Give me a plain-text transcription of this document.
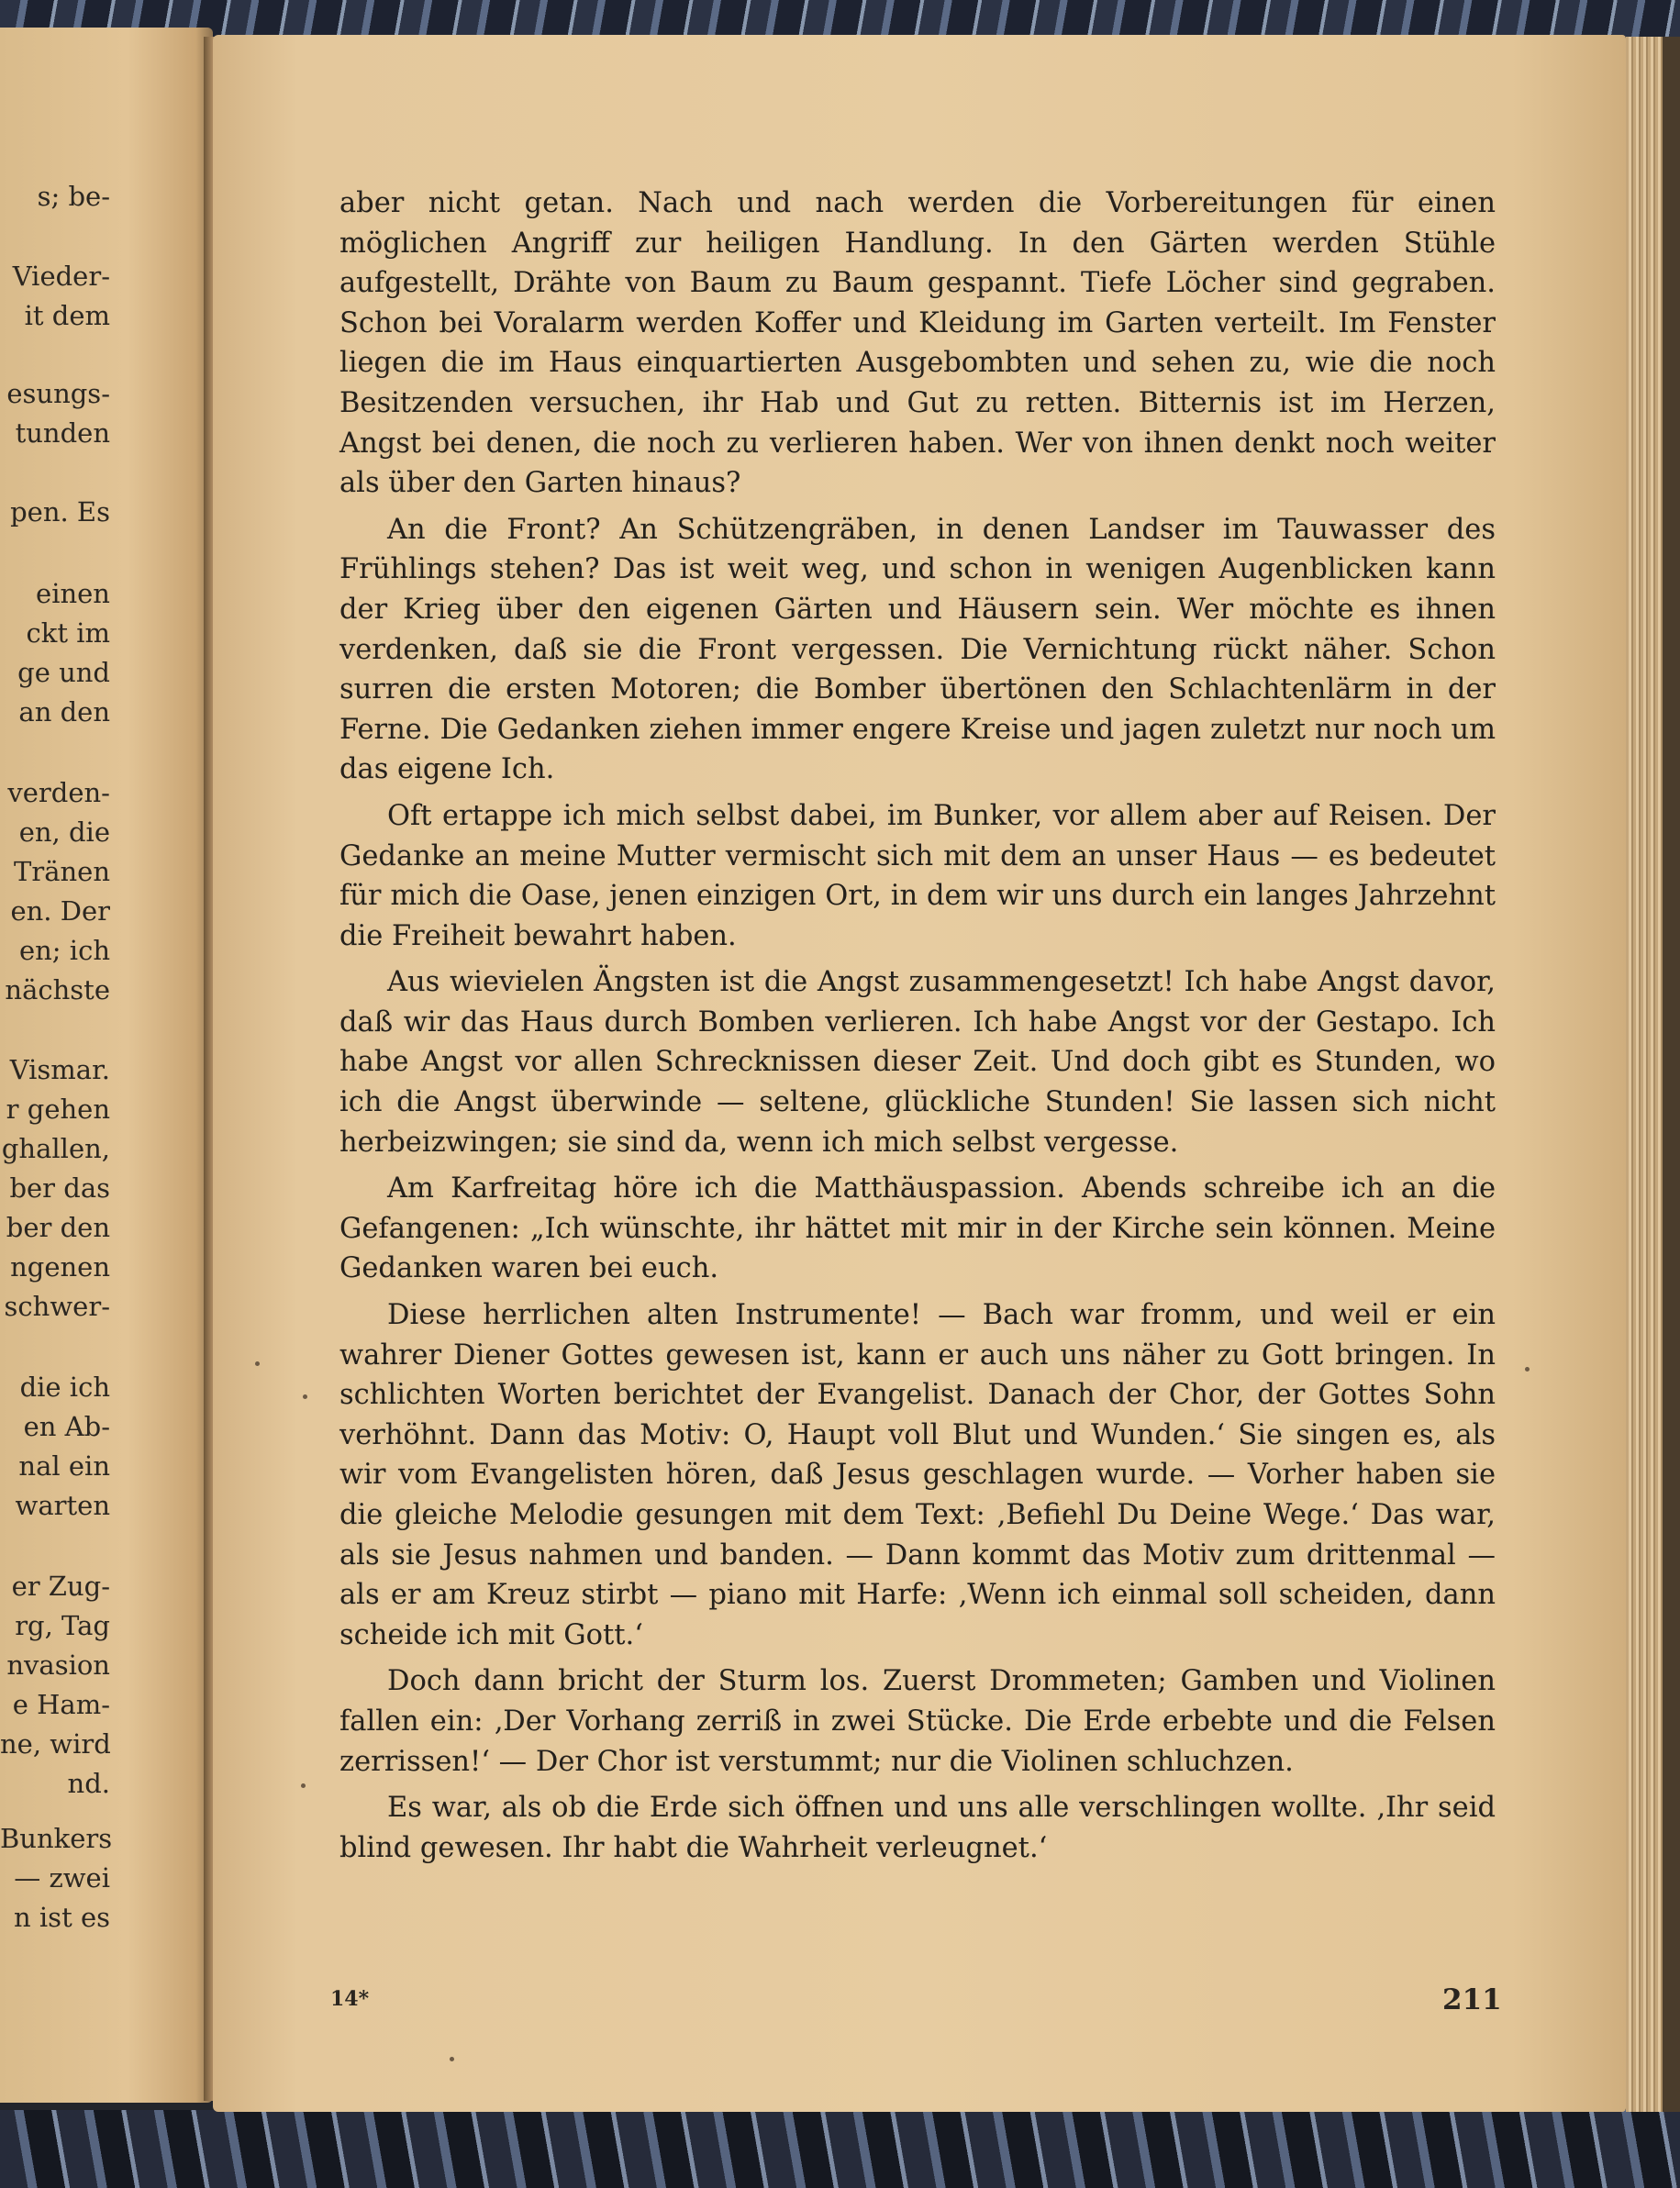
s; be-
Vieder-
it dem
esungs-
tunden
pen. Es
einen
ckt im
ge und
an den
verden-
en, die
Tränen
en. Der
en; ich
nächste
Vismar.
r gehen
ghallen,
ber das
ber den
ngenen
schwer-
die ich
en Ab-
nal ein
warten
er Zug-
rg, Tag
nvasion
e Ham-
ne, wird
nd.
Bunkers
— zwei
n ist es

aber nicht getan. Nach und nach werden die Vorbereitungen für einen möglichen Angriff zur heiligen Handlung. In den Gärten werden Stühle aufgestellt, Drähte von Baum zu Baum gespannt. Tiefe Löcher sind gegraben. Schon bei Voralarm werden Koffer und Kleidung im Garten verteilt. Im Fenster liegen die im Haus einquartierten Ausgebombten und sehen zu, wie die noch Besitzenden versuchen, ihr Hab und Gut zu retten. Bitternis ist im Herzen, Angst bei denen, die noch zu verlieren haben. Wer von ihnen denkt noch weiter als über den Garten hinaus?

An die Front? An Schützengräben, in denen Landser im Tauwasser des Frühlings stehen? Das ist weit weg, und schon in wenigen Augenblicken kann der Krieg über den eigenen Gärten und Häusern sein. Wer möchte es ihnen verdenken, daß sie die Front vergessen. Die Vernichtung rückt näher. Schon surren die ersten Motoren; die Bomber übertönen den Schlachtenlärm in der Ferne. Die Gedanken ziehen immer engere Kreise und jagen zuletzt nur noch um das eigene Ich.

Oft ertappe ich mich selbst dabei, im Bunker, vor allem aber auf Reisen. Der Gedanke an meine Mutter vermischt sich mit dem an unser Haus — es bedeutet für mich die Oase, jenen einzigen Ort, in dem wir uns durch ein langes Jahrzehnt die Freiheit bewahrt haben.

Aus wievielen Ängsten ist die Angst zusammengesetzt! Ich habe Angst davor, daß wir das Haus durch Bomben verlieren. Ich habe Angst vor der Gestapo. Ich habe Angst vor allen Schrecknissen dieser Zeit. Und doch gibt es Stunden, wo ich die Angst überwinde — seltene, glückliche Stunden! Sie lassen sich nicht herbeizwingen; sie sind da, wenn ich mich selbst vergesse.

Am Karfreitag höre ich die Matthäuspassion. Abends schreibe ich an die Gefangenen: „Ich wünschte, ihr hättet mit mir in der Kirche sein können. Meine Gedanken waren bei euch.

Diese herrlichen alten Instrumente! — Bach war fromm, und weil er ein wahrer Diener Gottes gewesen ist, kann er auch uns näher zu Gott bringen. In schlichten Worten berichtet der Evangelist. Danach der Chor, der Gottes Sohn verhöhnt. Dann das Motiv: O, Haupt voll Blut und Wunden.‘ Sie singen es, als wir vom Evangelisten hören, daß Jesus geschlagen wurde. — Vorher haben sie die gleiche Melodie gesungen mit dem Text: ‚Befiehl Du Deine Wege.‘ Das war, als sie Jesus nahmen und banden. — Dann kommt das Motiv zum drittenmal — als er am Kreuz stirbt — piano mit Harfe: ‚Wenn ich einmal soll scheiden, dann scheide ich mit Gott.‘

Doch dann bricht der Sturm los. Zuerst Drommeten; Gamben und Violinen fallen ein: ‚Der Vorhang zerriß in zwei Stücke. Die Erde erbebte und die Felsen zerrissen!‘ — Der Chor ist verstummt; nur die Violinen schluchzen.

Es war, als ob die Erde sich öffnen und uns alle verschlingen wollte. ‚Ihr seid blind gewesen. Ihr habt die Wahrheit verleugnet.‘

14*	211
